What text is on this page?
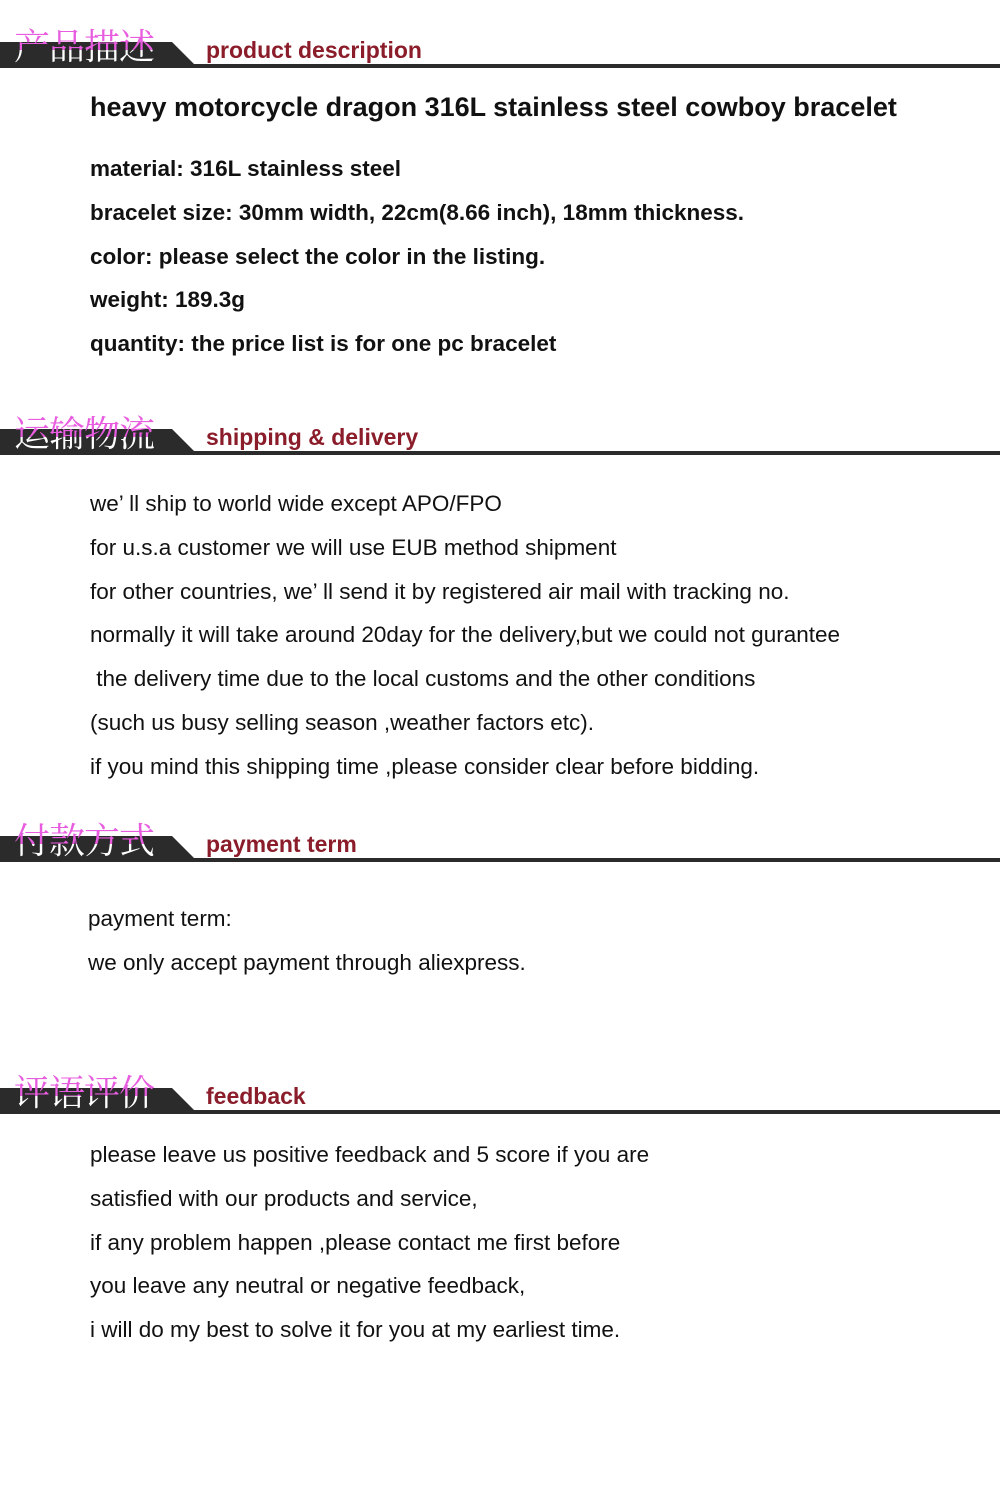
产品描述 product description

heavy motorcycle dragon 316L stainless steel cowboy bracelet

material: 316L stainless steel

bracelet size: 30mm width, 22cm(8.66 inch), 18mm thickness.

color: please select the color in the listing.

weight: 189.3g

quantity: the price list is for one pc bracelet

运输物流 shipping & delivery

we’ ll ship to world wide except APO/FPO

for u.s.a customer we will use EUB method shipment

for other countries, we’ ll send it by registered air mail with tracking no.

normally it will take around 20day for the delivery,but we could not gurantee

the delivery time due to the local customs and the other conditions

(such us busy selling season ,weather factors etc).

if you mind this shipping time ,please consider clear before bidding.

付款方式 payment term

payment term:

we only accept payment through aliexpress.

评语评价 feedback

please leave us positive feedback and 5 score if you are

satisfied with our products and service,

if any problem happen ,please contact me first before

you leave any neutral or negative feedback,

i will do my best to solve it for you at my earliest time.
